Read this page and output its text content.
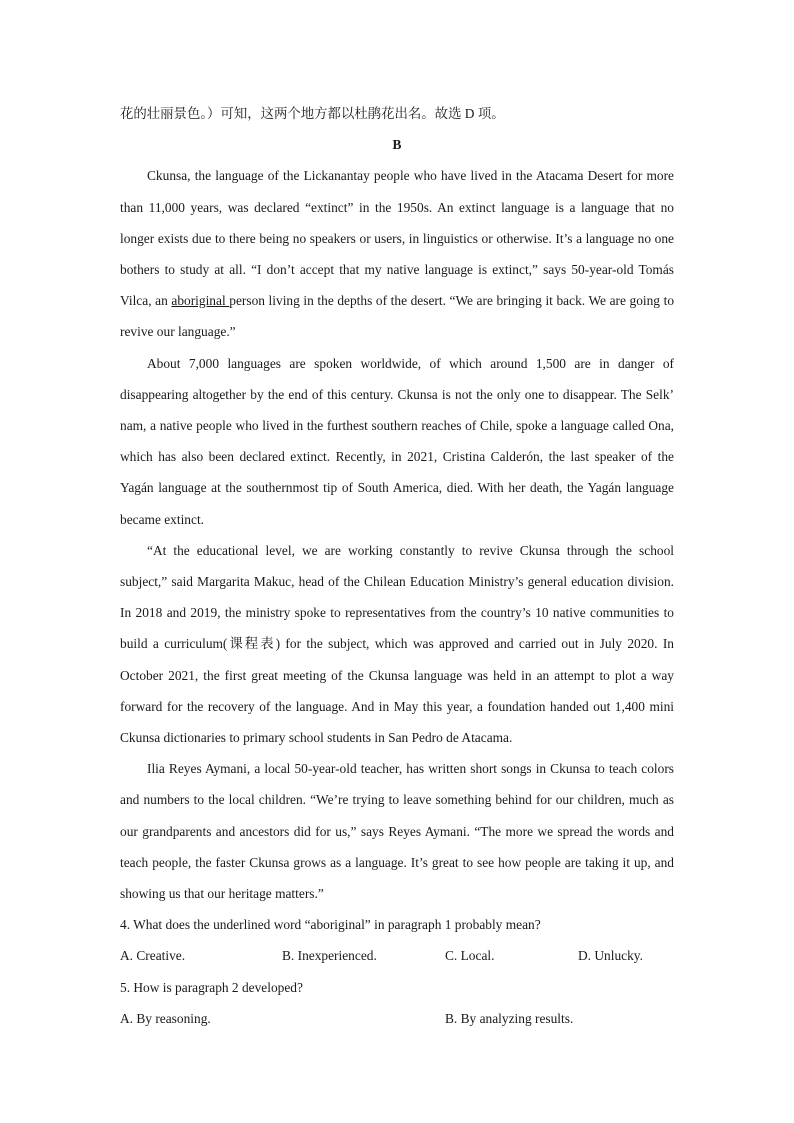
花的壮丽景色。）可知，这两个地方都以杜鹃花出名。故选 D 项。

B

Ckunsa, the language of the Lickanantay people who have lived in the Atacama Desert for more than 11,000 years, was declared “extinct” in the 1950s. An extinct language is a language that no longer exists due to there being no speakers or users, in linguistics or otherwise. It’s a language no one bothers to study at all. “I don’t accept that my native language is extinct,” says 50-year-old Tomás Vilca, an aboriginal person living in the depths of the desert. “We are bringing it back. We are going to revive our language.”

About 7,000 languages are spoken worldwide, of which around 1,500 are in danger of disappearing altogether by the end of this century. Ckunsa is not the only one to disappear. The Selk’ nam, a native people who lived in the furthest southern reaches of Chile, spoke a language called Ona, which has also been declared extinct. Recently, in 2021, Cristina Calderón, the last speaker of the Yagán language at the southernmost tip of South America, died. With her death, the Yagán language became extinct.

“At the educational level, we are working constantly to revive Ckunsa through the school subject,” said Margarita Makuc, head of the Chilean Education Ministry’s general education division. In 2018 and 2019, the ministry spoke to representatives from the country’s 10 native communities to build a curriculum(课程表) for the subject, which was approved and carried out in July 2020. In October 2021, the first great meeting of the Ckunsa language was held in an attempt to plot a way forward for the recovery of the language. And in May this year, a foundation handed out 1,400 mini Ckunsa dictionaries to primary school students in San Pedro de Atacama.

Ilia Reyes Aymani, a local 50-year-old teacher, has written short songs in Ckunsa to teach colors and numbers to the local children. “We’re trying to leave something behind for our children, much as our grandparents and ancestors did for us,” says Reyes Aymani. “The more we spread the words and teach people, the faster Ckunsa grows as a language. It’s great to see how people are taking it up, and showing us that our heritage matters.”

4. What does the underlined word “aboriginal” in paragraph 1 probably mean?

A. Creative.	B. Inexperienced.	C. Local.	D. Unlucky.

5. How is paragraph 2 developed?

A. By reasoning.	B. By analyzing results.
